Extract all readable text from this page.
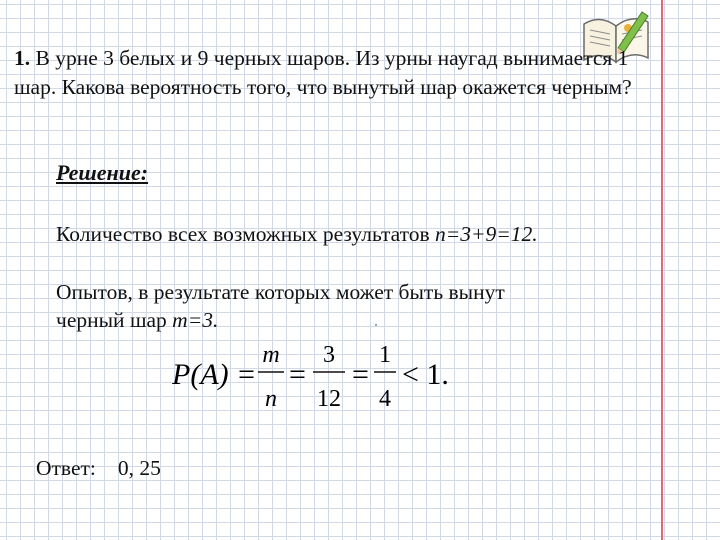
1. В урне 3 белых и 9 черных шаров. Из урны наугад вынимается 1 шар. Какова вероятность того, что вынутый шар окажется черным?
Решение:
Количество всех возможных результатов n=3+9=12.
Опытов, в результате которых может быть вынут
черный шар m=3.
P(A) =
m
n
=
3
12
=
1
4
< 1.
Ответ: 0, 25
